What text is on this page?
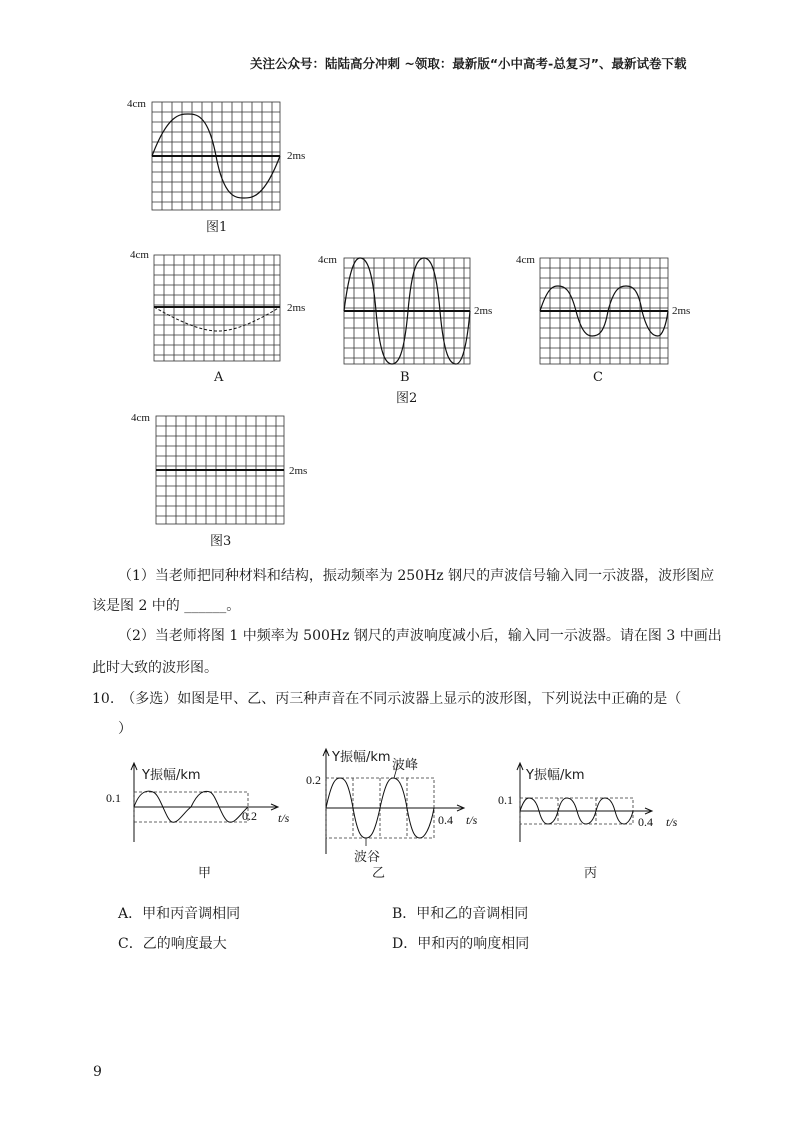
关注公众号：陆陆高分冲刺 ~领取：最新版“小中高考-总复习”、最新试卷下载
4cm
2ms
图1
4cm
2ms
A
4cm
2ms
B
图2
4cm
2ms
C
4cm
2ms
图3
（1）当老师把同种材料和结构，振动频率为 250Hz 钢尺的声波信号输入同一示波器，波形图应
该是图 2 中的 ______。
（2）当老师将图 1 中频率为 500Hz 钢尺的声波响度减小后，输入同一示波器。请在图 3 中画出
此时大致的波形图。
10.　（多选）如图是甲、乙、丙三种声音在不同示波器上显示的波形图，下列说法中正确的是（
）
0.1
0.2 t/s
Y振幅/km
甲
0.2
0.4 t/s
Y振幅/km
波峰
波谷
乙
0.1
0.4 t/s
Y振幅/km
丙
A．甲和丙音调相同	B．甲和乙的音调相同
C．乙的响度最大	D．甲和丙的响度相同
9
